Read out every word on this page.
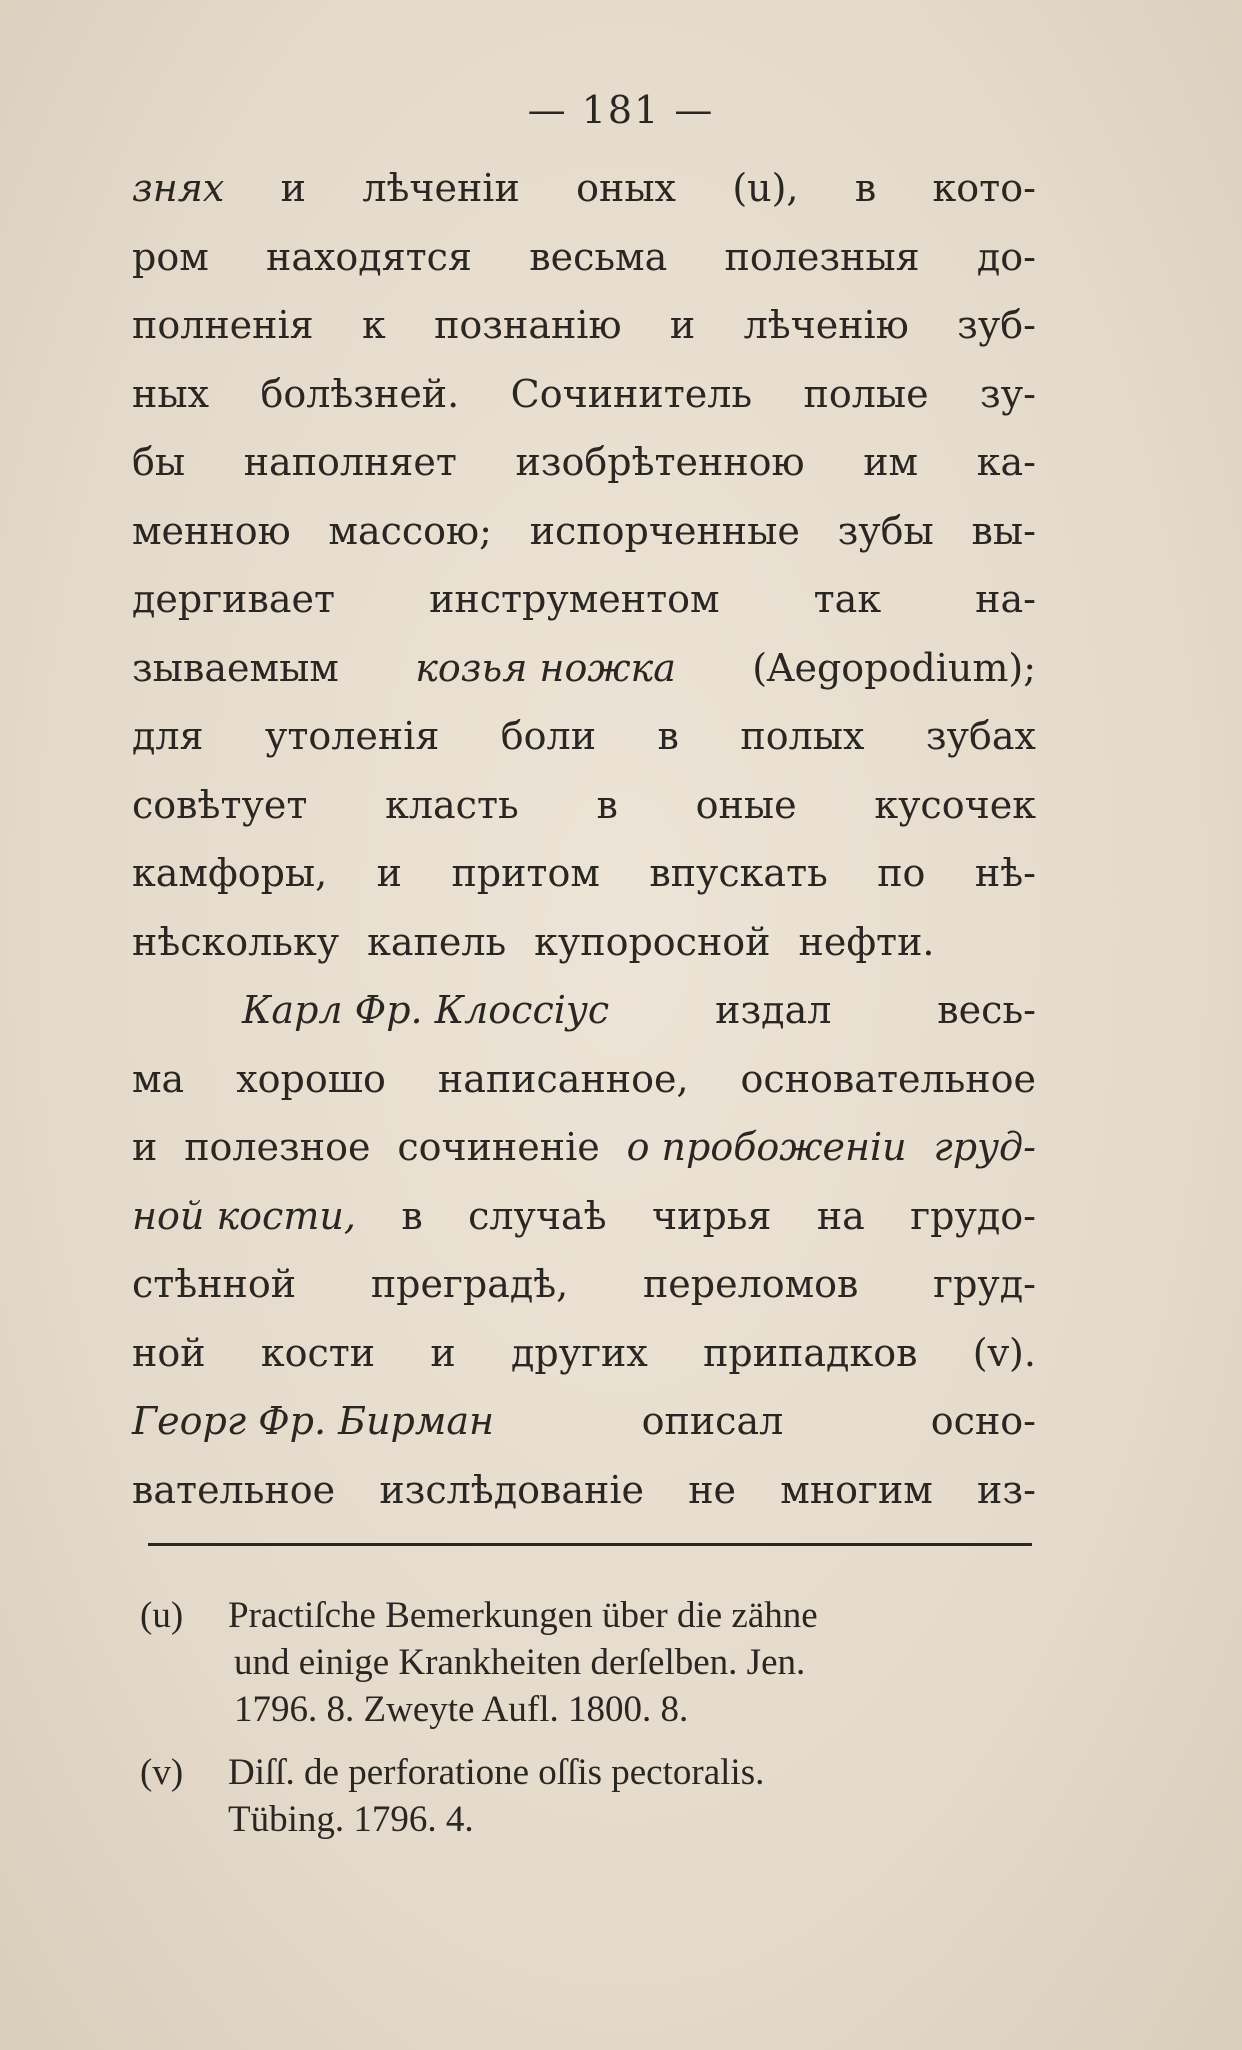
— 181 —
знях и лѣченіи оных (u), в кото-
ром находятся весьма полезныя до-
полненія к познанію и лѣченію зуб-
ных болѣзней. Сочинитель полые зу-
бы наполняет изобрѣтенною им ка-
менною массою; испорченные зубы вы-
дергивает инструментом так на-
зываемым козья ножка (Aegopodium);
для утоленія боли в полых зубах
совѣтует класть в оные кусочек
камфоры, и притом впускать по нѣ-
нѣскольку капель купоросной нефти.
Карл Фр. Клоссіус	издал	весь-
ма хорошо написанное, основательное
и полезное сочиненіе о пробоженіи груд-
ной кости, в случаѣ чирья на грудо-
стѣнной преградѣ, переломов груд-
ной кости и других припадков (v).
Георг Фр. Бирман	описал	осно-
вательное изслѣдованіе не многим из-
(u)	Practiſche Bemerkungen über die zähne
und einige Krankheiten derſelben. Jen.
1796. 8. Zweyte Aufl. 1800. 8.
(v)	Diſſ. de perforatione oſſis pectoralis.
Tübing. 1796. 4.
